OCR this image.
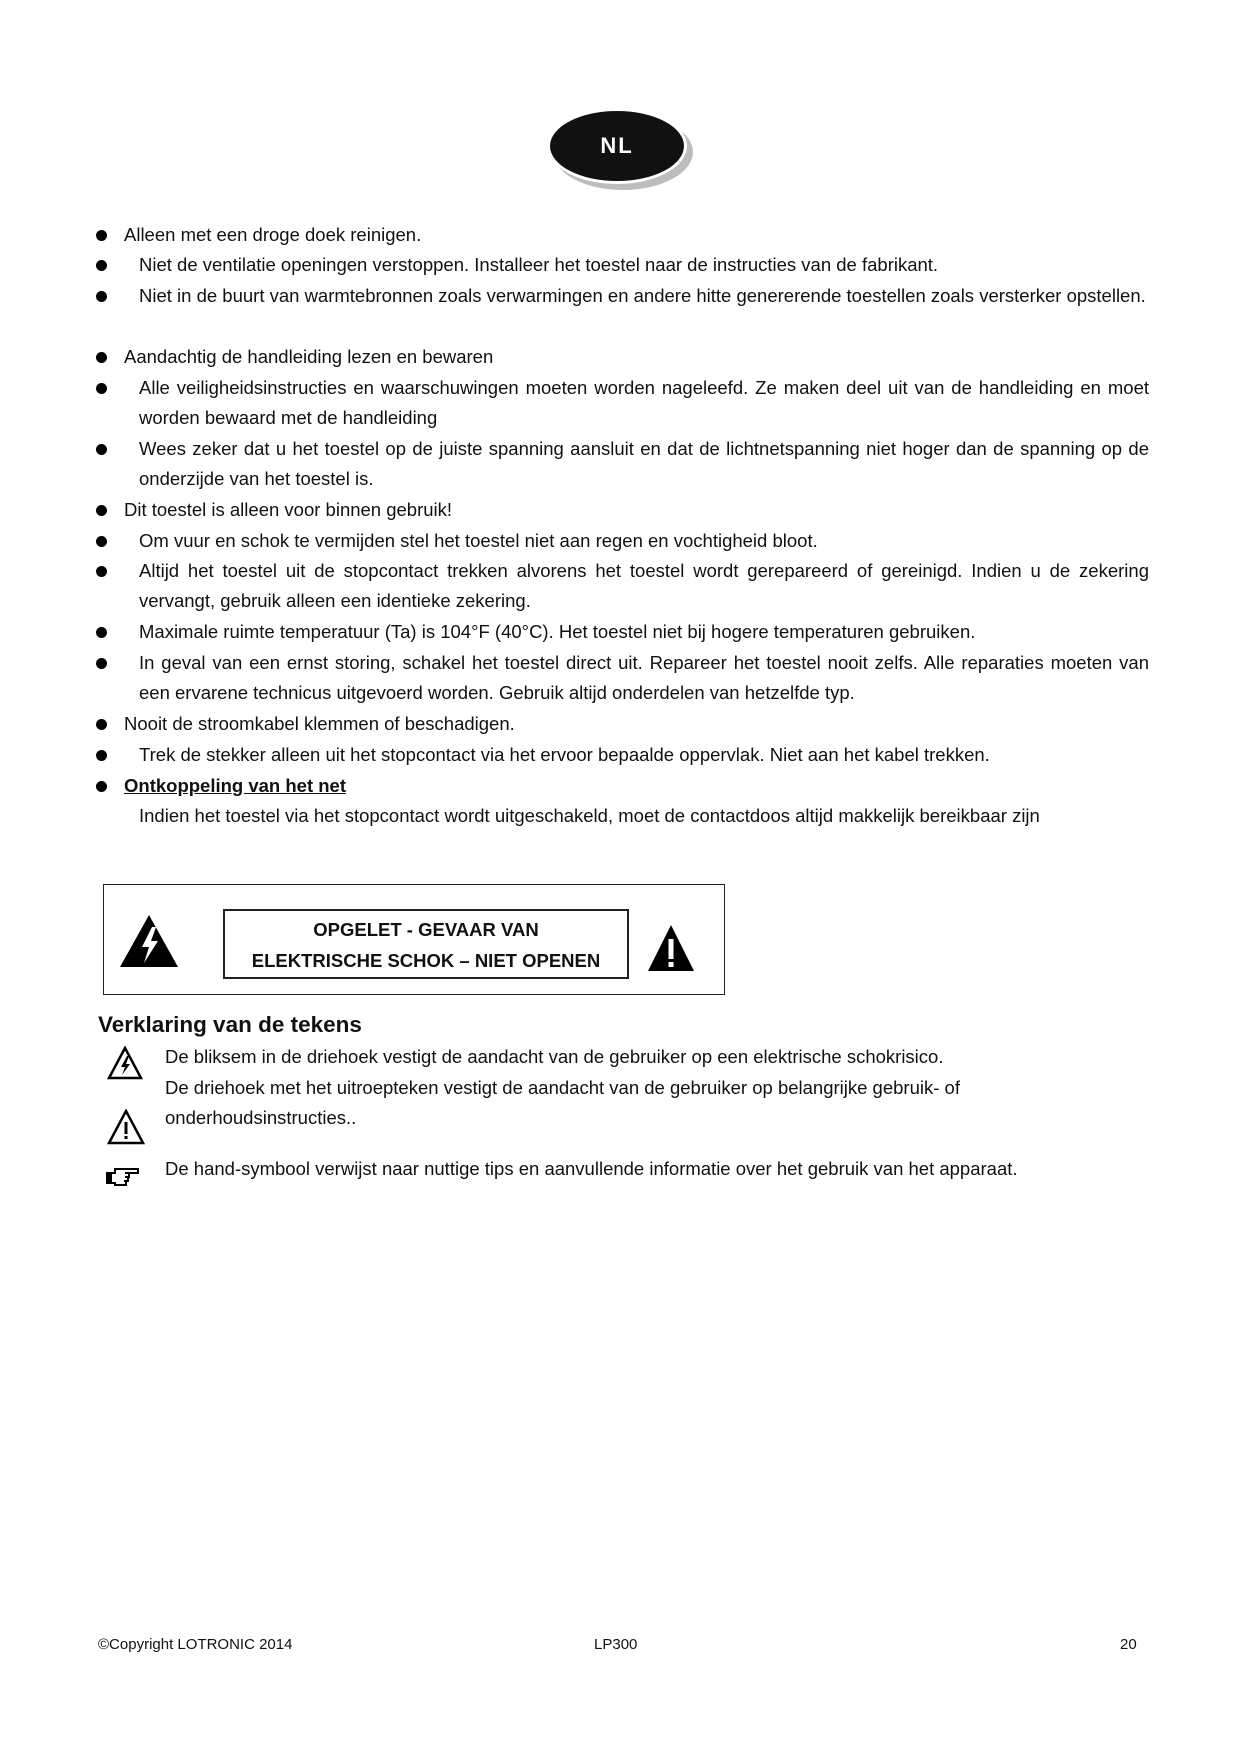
NL
Alleen met een droge doek reinigen.
Niet de ventilatie openingen verstoppen. Installeer het toestel naar de instructies van de fabrikant.
Niet in de buurt van warmtebronnen zoals verwarmingen en andere hitte genererende toestellen zoals versterker opstellen.
Aandachtig de handleiding lezen en bewaren
Alle veiligheidsinstructies en waarschuwingen moeten worden nageleefd. Ze maken deel uit van de handleiding en moet worden bewaard met de handleiding
Wees zeker dat u het toestel op de juiste spanning aansluit en dat de lichtnetspanning niet hoger dan de spanning op de onderzijde van het toestel is.
Dit toestel is alleen voor binnen gebruik!
Om vuur en schok te vermijden stel het toestel niet aan regen en vochtigheid bloot.
Altijd het toestel uit de stopcontact trekken alvorens het toestel wordt gerepareerd of gereinigd. Indien u de zekering vervangt, gebruik alleen een identieke zekering.
Maximale ruimte temperatuur (Ta) is 104°F (40°C). Het toestel niet bij hogere temperaturen gebruiken.
In geval van een ernst storing, schakel het toestel direct uit. Repareer het toestel nooit zelfs. Alle reparaties moeten van een ervarene technicus uitgevoerd worden. Gebruik altijd onderdelen van hetzelfde typ.
Nooit de stroomkabel klemmen of beschadigen.
Trek de stekker alleen uit het stopcontact via het ervoor bepaalde oppervlak. Niet aan het kabel trekken.
Ontkoppeling van het net
Indien het toestel via het stopcontact wordt uitgeschakeld, moet de contactdoos altijd makkelijk bereikbaar zijn
OPGELET - GEVAAR VAN
ELEKTRISCHE SCHOK – NIET OPENEN
Verklaring van de tekens
De bliksem in de driehoek vestigt de aandacht van de gebruiker op een elektrische schokrisico.
De driehoek met het uitroepteken vestigt de aandacht van de gebruiker op belangrijke gebruik- of onderhoudsinstructies..
De hand-symbool verwijst naar nuttige tips en aanvullende informatie over het gebruik van het apparaat.
©Copyright LOTRONIC 2014	LP300	20
